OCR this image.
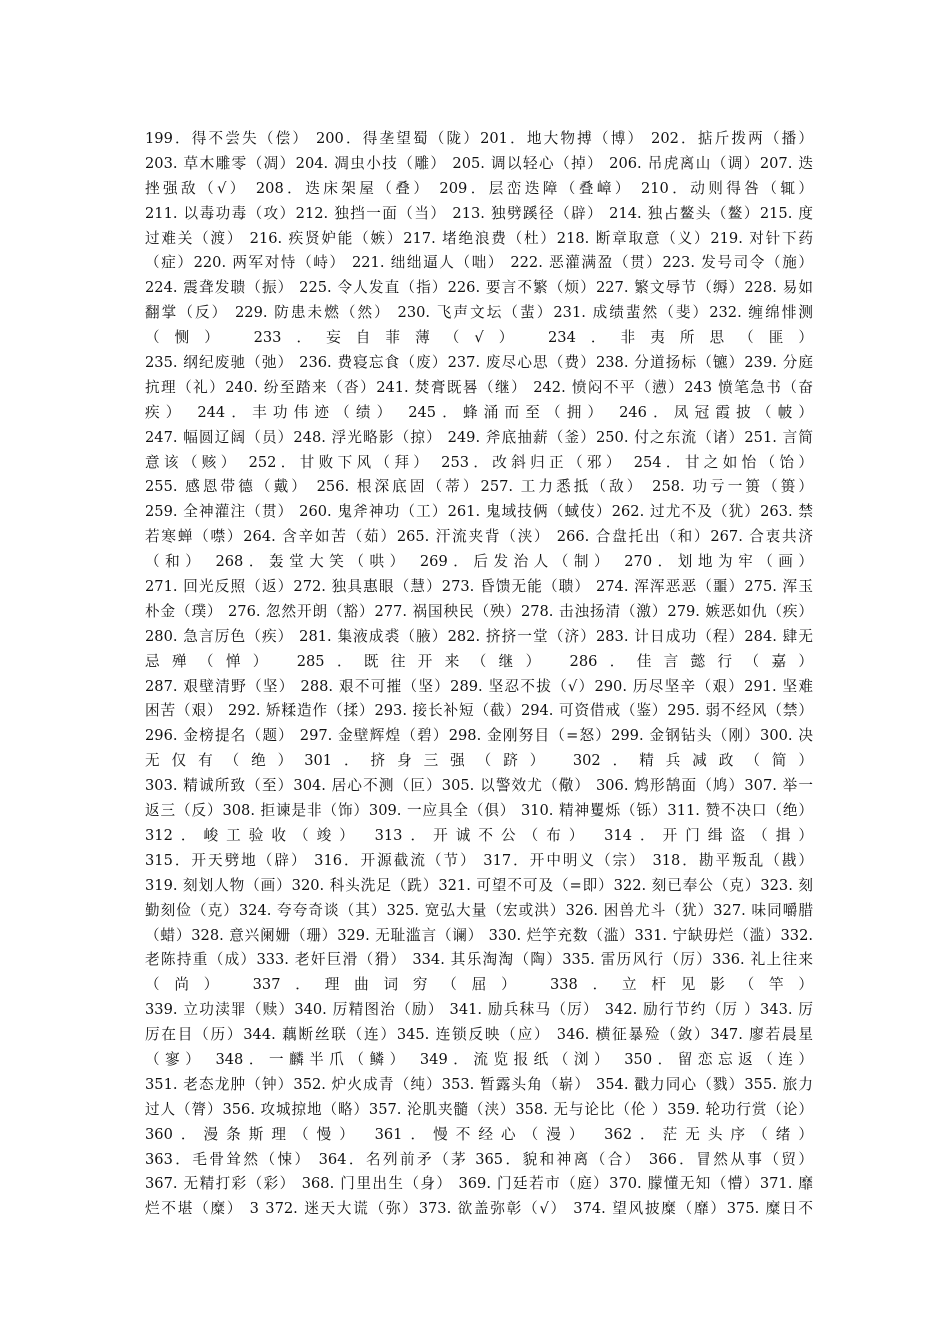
199．得不尝失（偿） 200．得垄望蜀（陇）201．地大物搏（博） 202．掂斤拨两（播）
203. 草木雕零（凋）204. 凋虫小技（雕） 205. 调以轻心（掉） 206. 吊虎离山（调）207. 迭
挫强敌（√） 208．迭床架屋（叠） 209．层峦迭障（叠嶂） 210．动则得咎（辄）
211. 以毒功毒（攻）212. 独挡一面（当） 213. 独劈蹊径（辟） 214. 独占鳌头（鳌）215. 度
过难关（渡） 216. 疾贤妒能（嫉）217. 堵绝浪费（杜）218. 断章取意（义）219. 对针下药
（症）220. 两军对恃（峙） 221. 绌绌逼人（咄） 222. 恶灌满盈（贯）223. 发号司令（施）
224. 震聋发聩（振） 225. 令人发直（指）226. 要言不繁（烦）227. 繁文辱节（缛）228. 易如
翻掌（反） 229. 防患未燃（然） 230. 飞声文坛（蜚）231. 成绩蜚然（斐）232. 缠绵悱测
（恻） 233．妄自菲薄（√） 234．非夷所思（匪）
235. 纲纪废驰（弛） 236. 费寝忘食（废）237. 废尽心思（费）238. 分道扬标（镳）239. 分庭
抗理（礼）240. 纷至踏来（沓）241. 焚膏既晷（继） 242. 愤闷不平（懑）243 愤笔急书（奋
疾） 244．丰功伟迹（绩） 245．蜂涌而至（拥） 246．凤冠霞披（帔）
247. 幅圆辽阔（员）248. 浮光略影（掠） 249. 斧底抽薪（釜）250. 付之东流（诸）251. 言简
意该（赅） 252．甘败下风（拜） 253．改斜归正（邪） 254．甘之如怡（饴）
255. 感恩带德（戴） 256. 根深底固（蒂）257. 工力悉抵（敌） 258. 功亏一篑（篑）
259. 全神灌注（贯） 260. 鬼斧神功（工）261. 鬼域技俩（蜮伎）262. 过尤不及（犹）263. 禁
若寒蝉（噤）264. 含辛如苦（茹）265. 汗流夹背（浃） 266. 合盘托出（和）267. 合衷共济
（和） 268．轰堂大笑（哄） 269．后发治人（制） 270．划地为牢（画）
271. 回光反照（返）272. 独具惠眼（慧）273. 昏馈无能（聩） 274. 浑浑恶恶（噩）275. 浑玉
朴金（璞） 276. 忽然开朗（豁）277. 祸国秧民（殃）278. 击浊扬清（激）279. 嫉恶如仇（疾）
280. 急言厉色（疾） 281. 集液成裘（腋）282. 挤挤一堂（济）283. 计日成功（程）284. 肆无
忌殚（惮） 285．既往开来（继） 286．佳言懿行（嘉）
287. 艰壁清野（坚） 288. 艰不可摧（坚）289. 坚忍不拔（√）290. 历尽坚辛（艰）291. 坚难
困苦（艰） 292. 矫糅造作（揉）293. 接长补短（截）294. 可资借戒（鉴）295. 弱不经风（禁）
296. 金榜提名（题） 297. 金壁辉煌（碧）298. 金刚努目（=怒）299. 金钢钻头（刚）300. 决
无仅有（绝）301．挤身三强（跻） 302．精兵减政（简）
303. 精诚所致（至）304. 居心不测（叵）305. 以警效尤（儆） 306. 鸩形鹄面（鸠）307. 举一
返三（反）308. 拒谏是非（饰）309. 一应具全（俱） 310. 精神矍烁（铄）311. 赞不决口（绝）
312．峻工验收（竣） 313．开诚不公（布） 314．开门缉盗（揖）
315．开天劈地（辟） 316．开源截流（节） 317．开中明义（宗） 318．勘平叛乱（戡）
319. 刻划人物（画）320. 科头洗足（跣）321. 可望不可及（=即）322. 刻已奉公（克）323. 刻
勤刻俭（克）324. 夸夸奇谈（其）325. 宽弘大量（宏或洪）326. 困兽尤斗（犹）327. 味同嚼腊
（蜡）328. 意兴阑姗（珊）329. 无耻滥言（谰） 330. 烂竽充数（滥）331. 宁缺毋烂（滥）332.
老陈持重（成）333. 老奸巨滑（猾） 334. 其乐淘淘（陶）335. 雷历风行（厉）336. 礼上往来
（尚） 337．理曲词穷（屈） 338．立杆见影（竿）
339. 立功渎罪（赎）340. 厉精图治（励） 341. 励兵秣马（厉） 342. 励行节约（厉 ）343. 厉
厉在目（历）344. 藕断丝联（连）345. 连锁反映（应） 346. 横征暴殓（敛）347. 廖若晨星
（寥） 348．一麟半爪（鳞） 349．流览报纸（浏） 350．留恋忘返（连）
351. 老态龙肿（钟）352. 炉火成青（纯）353. 暂露头角（崭） 354. 戳力同心（戮）355. 旅力
过人（膂）356. 攻城掠地（略）357. 沦肌夹髓（浃）358. 无与论比（伦 ）359. 轮功行赏（论）
360．漫条斯理（慢） 361．慢不经心（漫） 362．茫无头序（绪）
363．毛骨耸然（悚） 364．名列前矛（茅 365．貌和神离（合） 366．冒然从事（贸）
367. 无精打彩（彩） 368. 门里出生（身） 369. 门廷若市（庭）370. 朦懂无知（懵）371. 靡
烂不堪（糜） 3 372. 迷天大谎（弥）373. 欲盖弥彰（√） 374. 望风披糜（靡）375. 糜日不
